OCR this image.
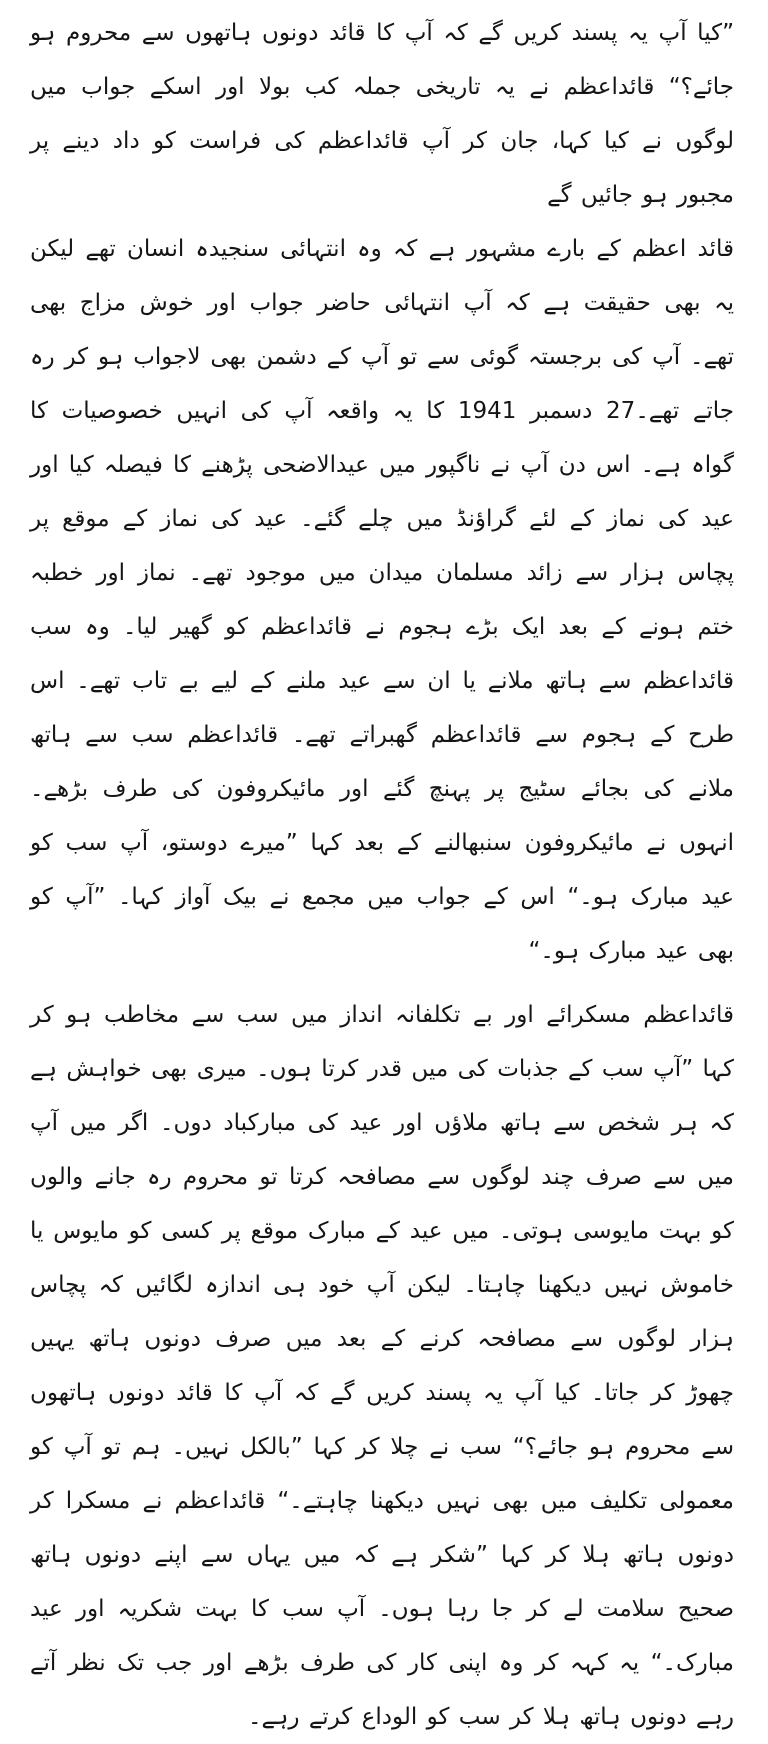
”کیا آپ یہ پسند کریں گے کہ آپ کا قائد دونوں ہاتھوں سے محروم ہو جائے؟“ قائداعظم نے یہ تاریخی جملہ کب بولا اور اسکے جواب میں لوگوں نے کیا کہا، جان کر آپ قائداعظم کی فراست کو داد دینے پر مجبور ہو جائیں گے

قائد اعظم کے بارے مشہور ہے کہ وہ انتہائی سنجیدہ انسان تھے لیکن یہ بھی حقیقت ہے کہ آپ انتہائی حاضر جواب اور خوش مزاج بھی تھے۔ آپ کی برجستہ گوئی سے تو آپ کے دشمن بھی لاجواب ہو کر رہ جاتے تھے۔27 دسمبر 1941 کا یہ واقعہ آپ کی انہیں خصوصیات کا گواہ ہے۔ اس دن آپ نے ناگپور میں عیدالاضحی پڑھنے کا فیصلہ کیا اور عید کی نماز کے لئے گراؤنڈ میں چلے گئے۔ عید کی نماز کے موقع پر پچاس ہزار سے زائد مسلمان میدان میں موجود تھے۔ نماز اور خطبہ ختم ہونے کے بعد ایک بڑے ہجوم نے قائداعظم کو گھیر لیا۔ وہ سب قائداعظم سے ہاتھ ملانے یا ان سے عید ملنے کے لیے بے تاب تھے۔ اس طرح کے ہجوم سے قائداعظم گھبراتے تھے۔ قائداعظم سب سے ہاتھ ملانے کی بجائے سٹیج پر پہنچ گئے اور مائیکروفون کی طرف بڑھے۔ انہوں نے مائیکروفون سنبھالنے کے بعد کہا ”میرے دوستو، آپ سب کو عید مبارک ہو۔“ اس کے جواب میں مجمع نے بیک آواز کہا۔ ”آپ کو بھی عید مبارک ہو۔“

قائداعظم مسکرائے اور بے تکلفانہ انداز میں سب سے مخاطب ہو کر کہا ”آپ سب کے جذبات کی میں قدر کرتا ہوں۔ میری بھی خواہش ہے کہ ہر شخص سے ہاتھ ملاؤں اور عید کی مبارکباد دوں۔ اگر میں آپ میں سے صرف چند لوگوں سے مصافحہ کرتا تو محروم رہ جانے والوں کو بہت مایوسی ہوتی۔ میں عید کے مبارک موقع پر کسی کو مایوس یا خاموش نہیں دیکھنا چاہتا۔ لیکن آپ خود ہی اندازہ لگائیں کہ پچاس ہزار لوگوں سے مصافحہ کرنے کے بعد میں صرف دونوں ہاتھ یہیں چھوڑ کر جاتا۔ کیا آپ یہ پسند کریں گے کہ آپ کا قائد دونوں ہاتھوں سے محروم ہو جائے؟“ سب نے چلا کر کہا ”بالکل نہیں۔ ہم تو آپ کو معمولی تکلیف میں بھی نہیں دیکھنا چاہتے۔“ قائداعظم نے مسکرا کر دونوں ہاتھ ہلا کر کہا ”شکر ہے کہ میں یہاں سے اپنے دونوں ہاتھ صحیح سلامت لے کر جا رہا ہوں۔ آپ سب کا بہت شکریہ اور عید مبارک۔“ یہ کہہ کر وہ اپنی کار کی طرف بڑھے اور جب تک نظر آتے رہے دونوں ہاتھ ہلا کر سب کو الوداع کرتے رہے۔
